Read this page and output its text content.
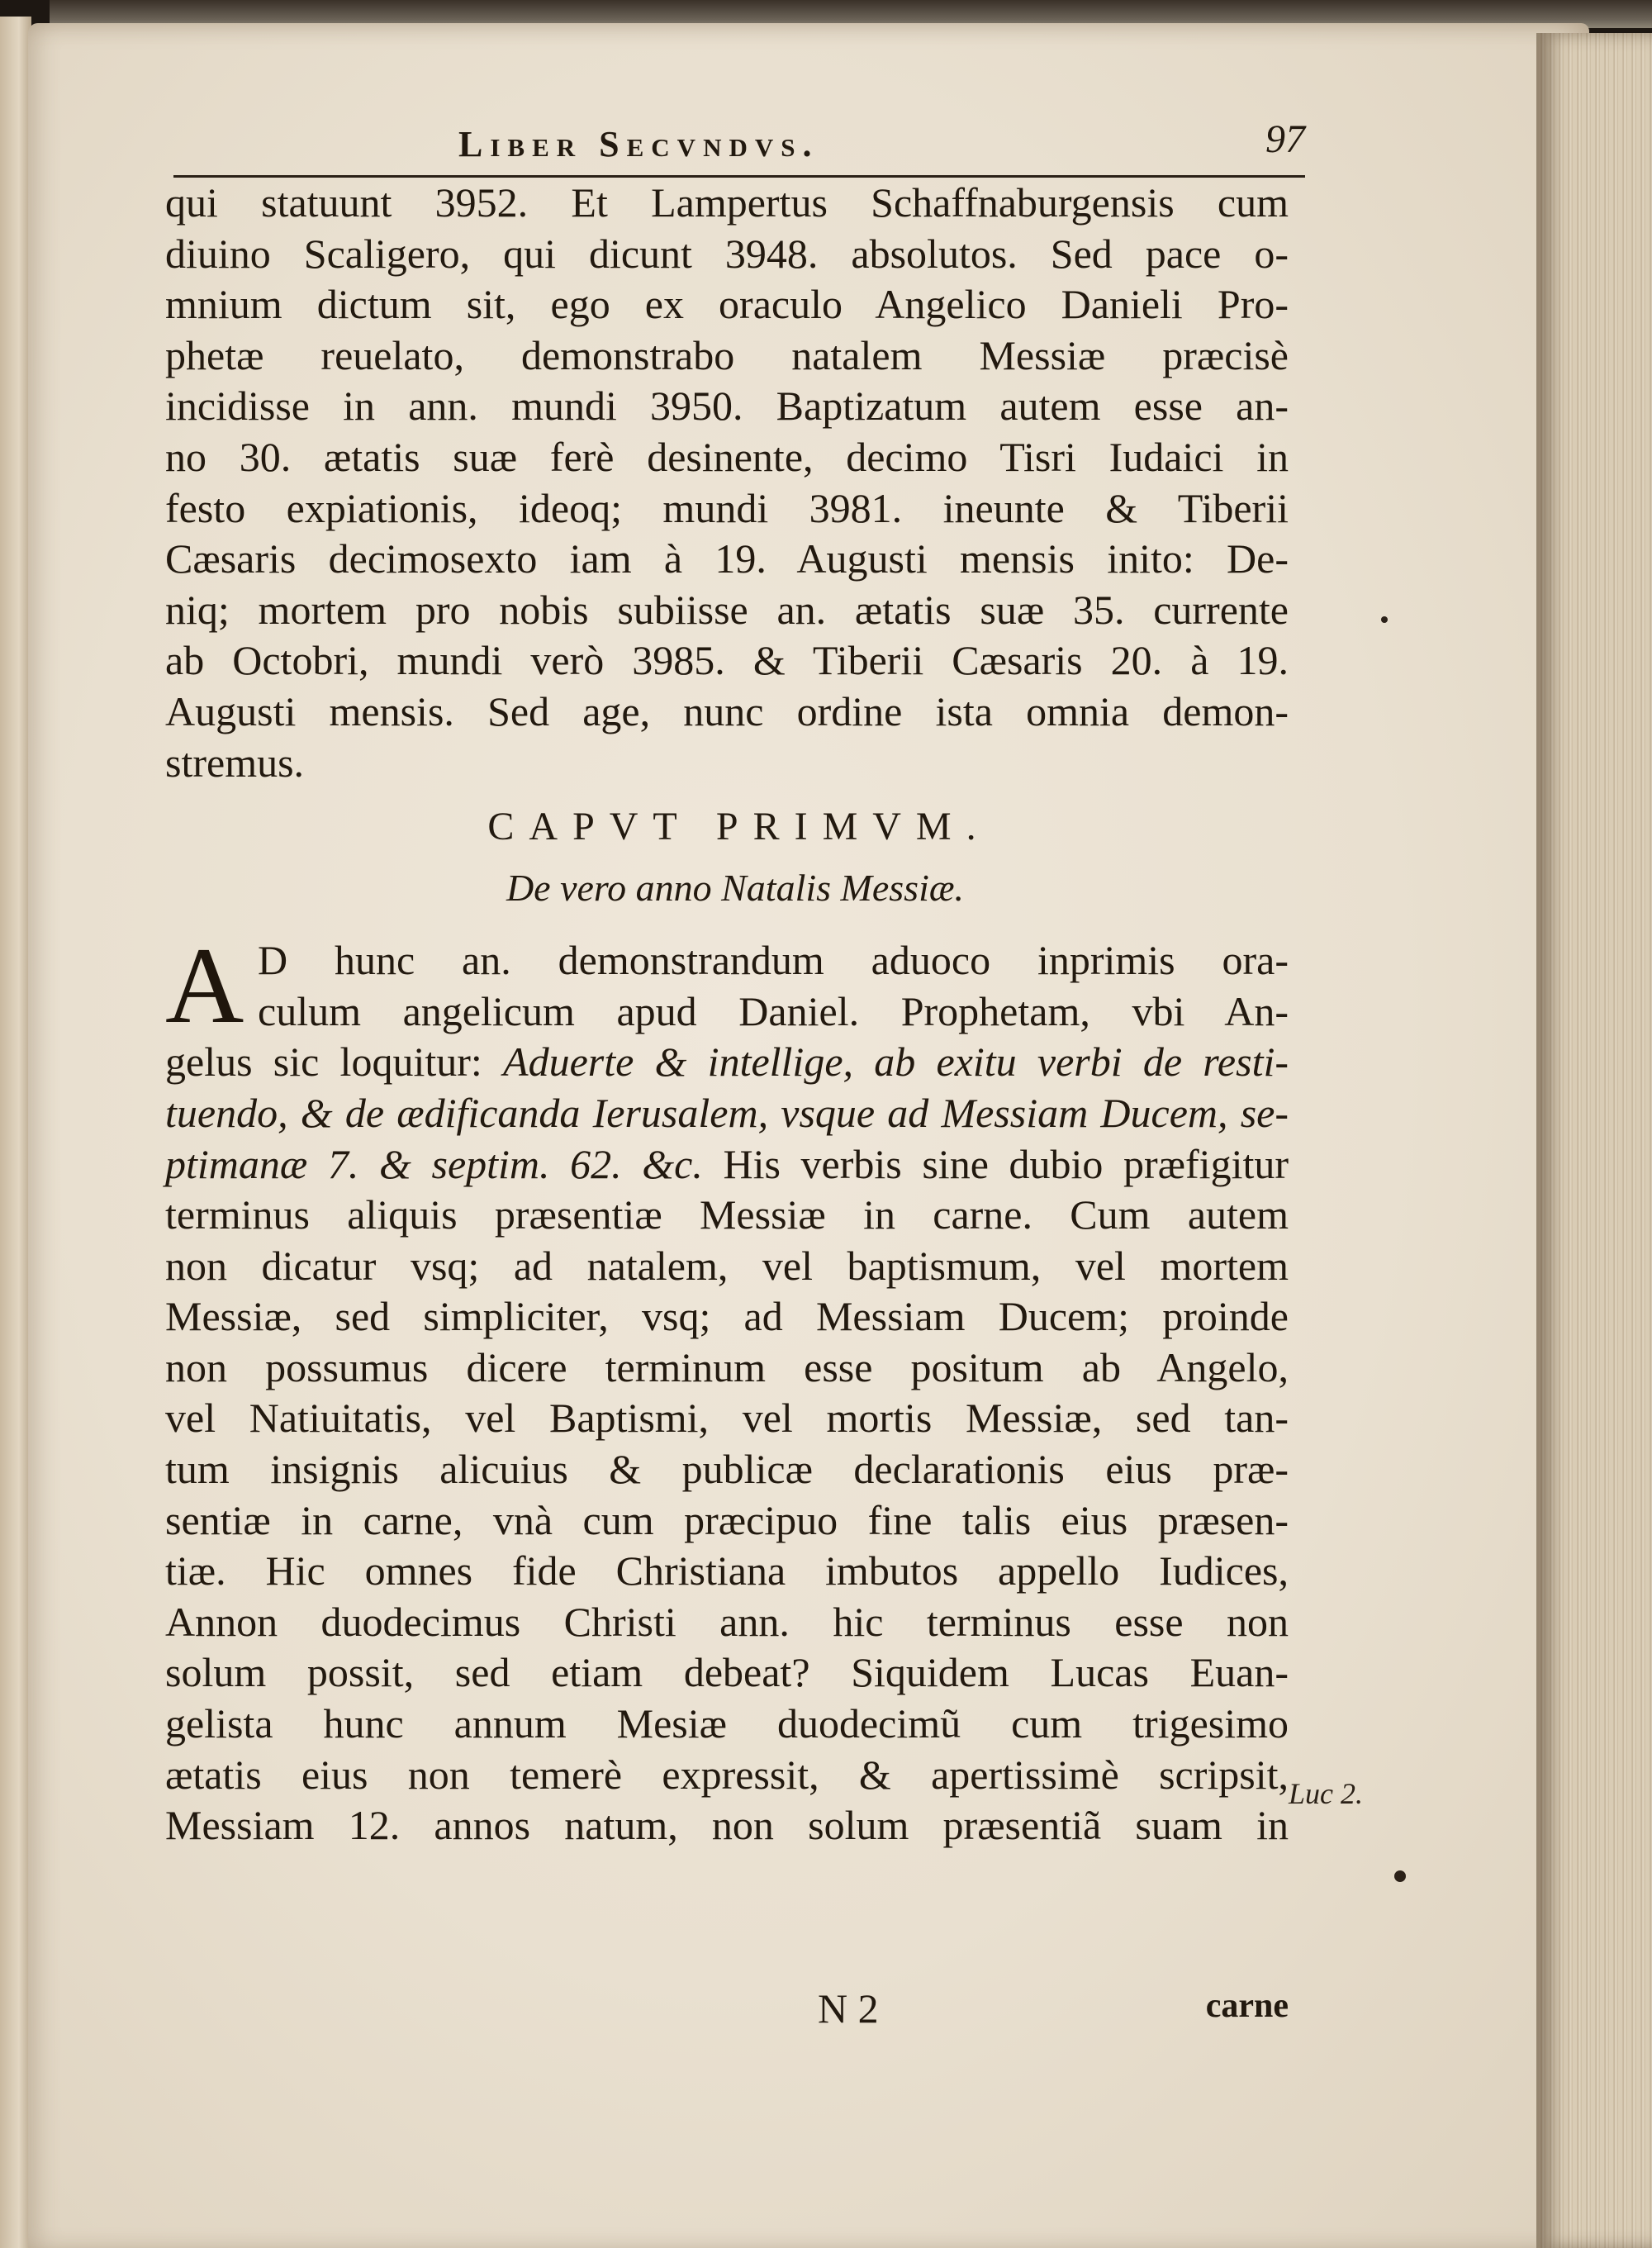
Liber Secvndvs.	97
qui statuunt 3952. Et Lampertus Schaffnaburgensis cum
diuino Scaligero, qui dicunt 3948. absolutos. Sed pace o-
mnium dictum sit, ego ex oraculo Angelico Danieli Pro-
phetæ reuelato, demonstrabo natalem Messiæ præcisè
incidisse in ann. mundi 3950. Baptizatum autem esse an-
no 30. ætatis suæ ferè desinente, decimo Tisri Iudaici in
festo expiationis, ideoq; mundi 3981. ineunte & Tiberii
Cæsaris decimosexto iam à 19. Augusti mensis inito: De-
niq; mortem pro nobis subiisse an. ætatis suæ 35. currente
ab Octobri, mundi verò 3985. & Tiberii Cæsaris 20. à 19.
Augusti mensis. Sed age, nunc ordine ista omnia demon-
stremus.
CAPVT PRIMVM.
De vero anno Natalis Messiæ.
A D hunc an. demonstrandum aduoco inprimis ora-
culum angelicum apud Daniel. Prophetam, vbi An-
gelus sic loquitur: Aduerte & intellige, ab exitu verbi de resti-
tuendo, & de ædificanda Ierusalem, vsque ad Messiam Ducem, se-
ptimanæ 7. & septim. 62. &c. His verbis sine dubio præfigitur
terminus aliquis præsentiæ Messiæ in carne. Cum autem
non dicatur vsq; ad natalem, vel baptismum, vel mortem
Messiæ, sed simpliciter, vsq; ad Messiam Ducem; proinde
non possumus dicere terminum esse positum ab Angelo,
vel Natiuitatis, vel Baptismi, vel mortis Messiæ, sed tan-
tum insignis alicuius & publicæ declarationis eius præ-
sentiæ in carne, vnà cum præcipuo fine talis eius præsen-
tiæ. Hic omnes fide Christiana imbutos appello Iudices,
Annon duodecimus Christi ann. hic terminus esse non
solum possit, sed etiam debeat? Siquidem Lucas Euan-
gelista hunc annum Mesiæ duodecimũ cum trigesimo
ætatis eius non temerè expressit, & apertissimè scripsit,
Messiam 12. annos natum, non solum præsentiã suam in
Luc 2.
N 2	carne
